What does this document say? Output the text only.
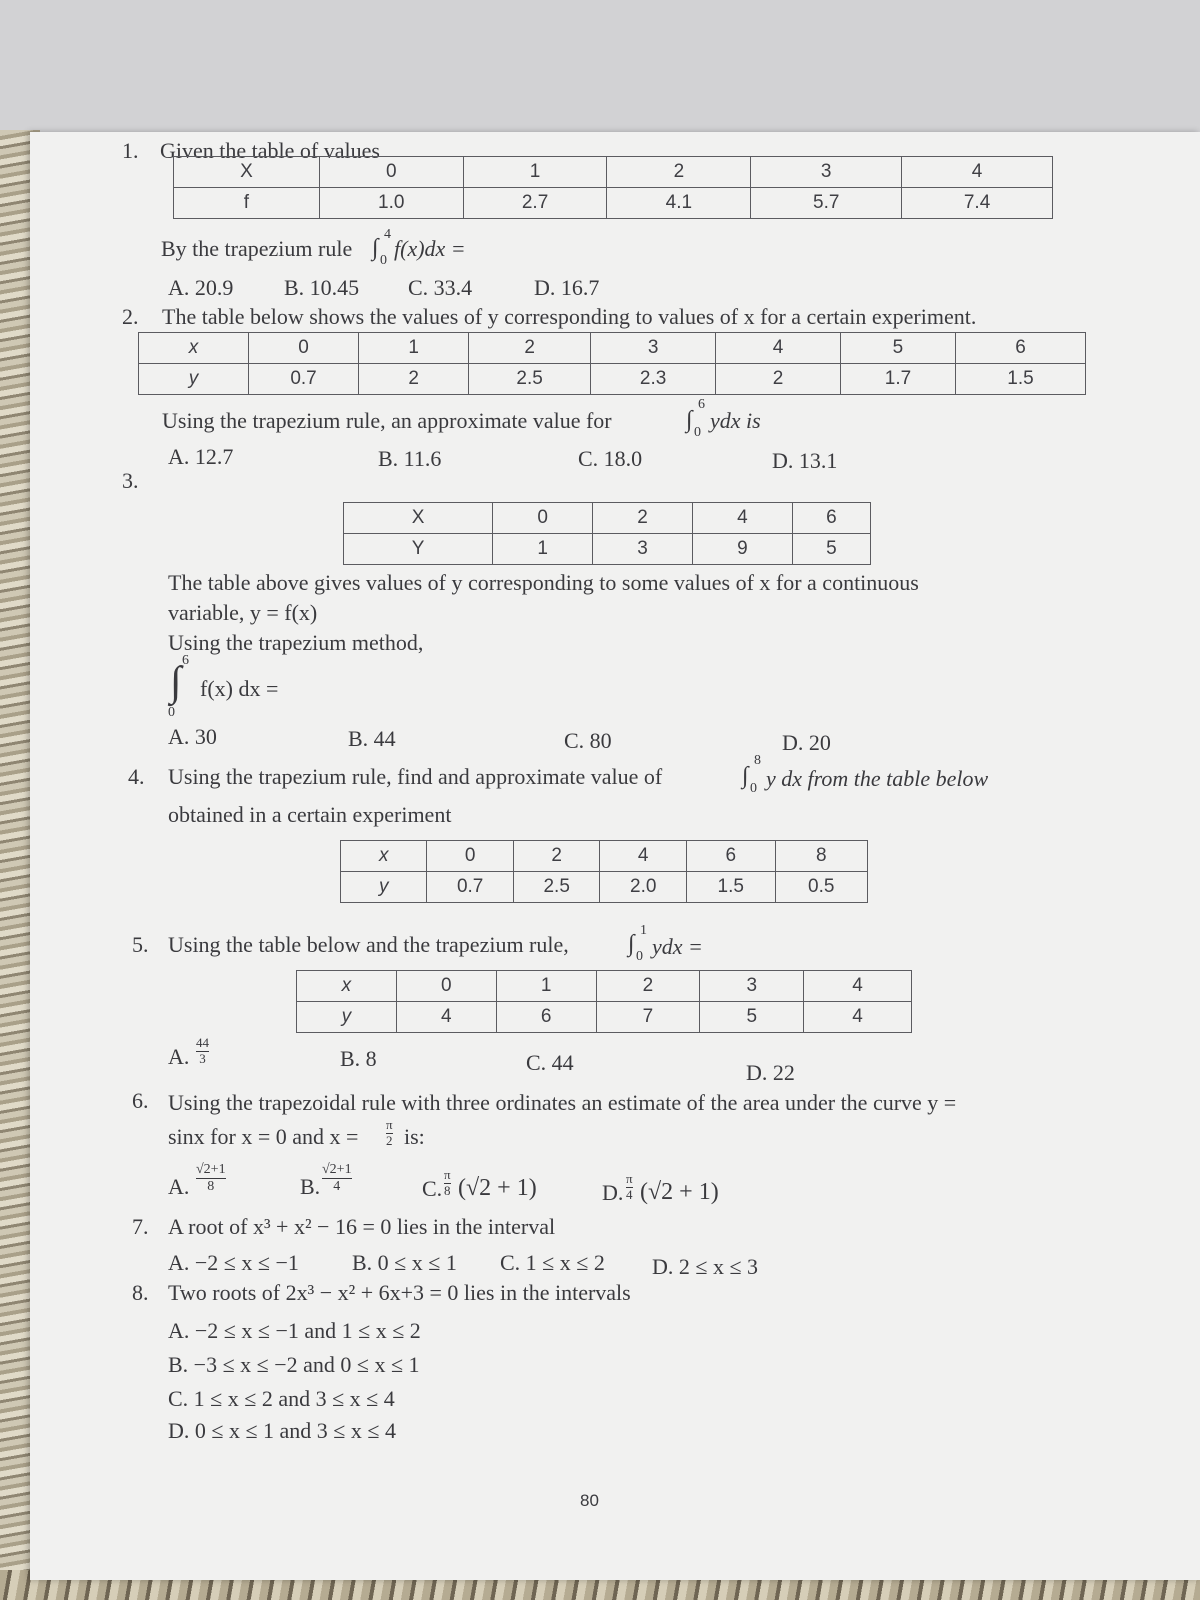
1. Given the table of values
X	0	1	2	3	4
f	1.0	2.7	4.1	5.7	7.4
By the trapezium rule ∫
4
0 f(x)dx =
A. 20.9 B. 10.45 C. 33.4	D. 16.7
2. The table below shows the values of y corresponding to values of x for a certain experiment.
x	0	1	2	3	4	5	6
y	0.7	2	2.5	2.3	2	1.7	1.5
Using the trapezium rule, an approximate value for	∫
6
0 ydx is
A. 12.7	B. 11.6	C. 18.0	D. 13.1
3.
X	0	2	4	6
Y	1	3	9	5
The table above gives values of y corresponding to some values of x for a continuous
variable, y = f(x)
Using the trapezium method,
∫ 6
0
f(x) dx =
A. 30	B. 44	C. 80	D. 20
4. Using the trapezium rule, find and approximate value of	∫
8
0 y dx from the table below
obtained in a certain experiment
x	0	2	4	6	8
y	0.7	2.5	2.0	1.5	0.5
5. Using the table below and the trapezium rule, ∫
1
0 ydx =
x	0	1	2	3	4
y	4	6	7	5	4
A. $\frac{44}{3}$	B. 8	C. 44	D. 22
6. Using the trapezoidal rule with three ordinates an estimate of the area under the curve y =
sinx for x = 0 and $x = \frac{\pi}{2}$ is:
A. $\frac{√2+1}{8}$	B. $\frac{√2+1}{4}$	C. $\frac{\pi}{8} (√2 + 1)$	D. $\frac{\pi}{4} (√2 + 1)$
7. A root of x³ + x² − 16 = 0 lies in the interval
A. −2 ≤ x ≤ −1 B. 0 ≤ x ≤ 1 C. 1 ≤ x ≤ 2 D. 2 ≤ x ≤ 3
8. Two roots of 2x³ − x² + 6x+3 = 0 lies in the intervals
A. −2 ≤ x ≤ −1 and 1 ≤ x ≤ 2
B. −3 ≤ x ≤ −2 and 0 ≤ x ≤ 1
C. 1 ≤ x ≤ 2 and 3 ≤ x ≤ 4
D. 0 ≤ x ≤ 1 and 3 ≤ x ≤ 4
80
